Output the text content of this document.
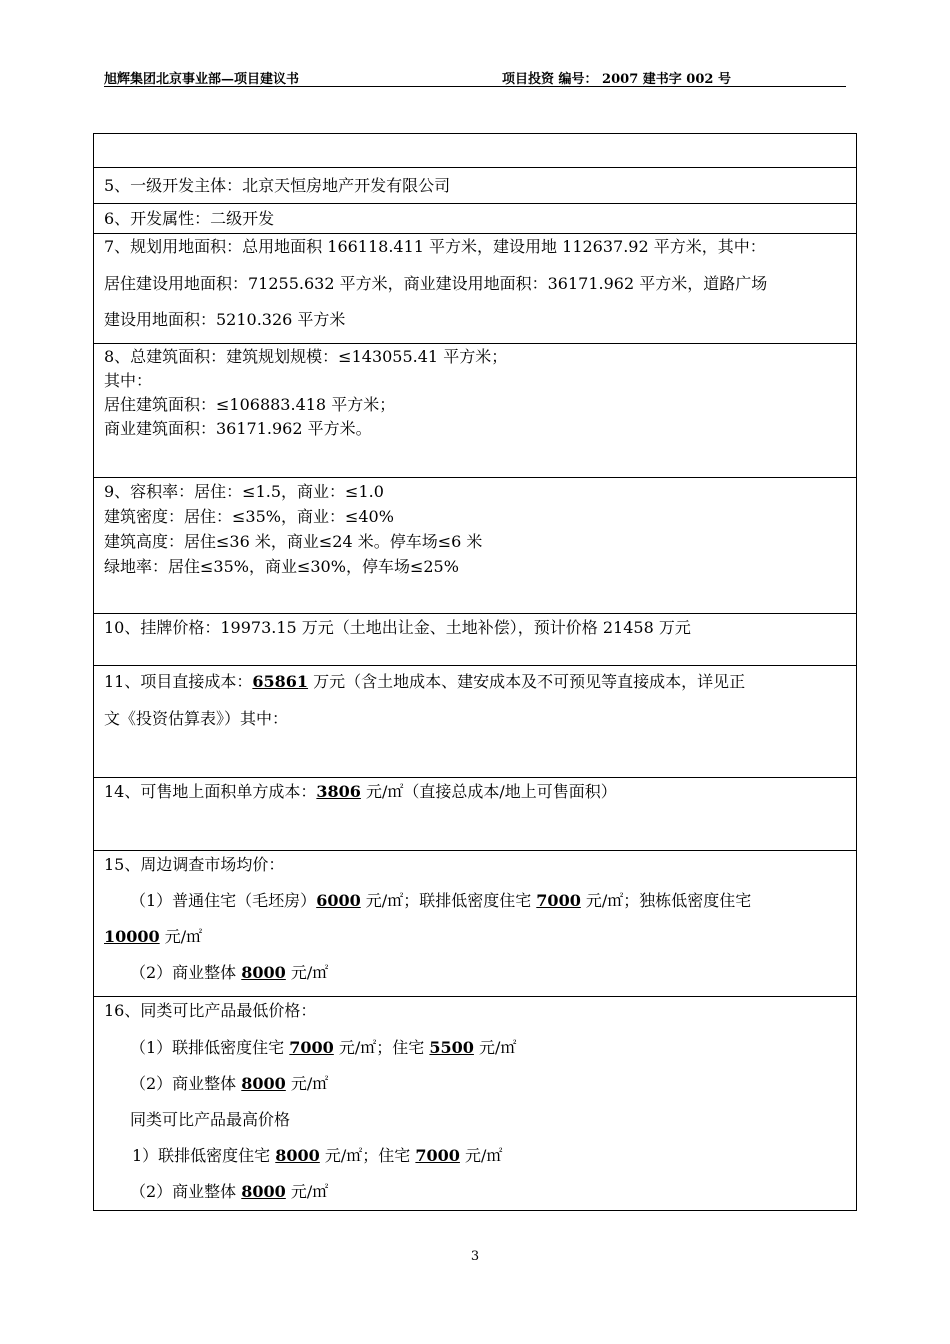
旭辉集团北京事业部—项目建议书	项目投资 编号： 2007 建书字 002 号
5、一级开发主体：北京天恒房地产开发有限公司
6、开发属性：二级开发
7、规划用地面积：总用地面积 166118.411 平方米，建设用地 112637.92 平方米，其中：
居住建设用地面积：71255.632 平方米，商业建设用地面积：36171.962 平方米，道路广场
建设用地面积：5210.326 平方米
8、总建筑面积：建筑规划规模：≤143055.41 平方米；
其中：
居住建筑面积：≤106883.418 平方米；
商业建筑面积：36171.962 平方米。
9、容积率：居住：≤1.5，商业：≤1.0
建筑密度：居住：≤35%，商业：≤40%
建筑高度：居住≤36 米，商业≤24 米。停车场≤6 米
绿地率：居住≤35%，商业≤30%，停车场≤25%
10、挂牌价格：19973.15 万元（土地出让金、土地补偿），预计价格 21458 万元
11、项目直接成本：65861 万元（含土地成本、建安成本及不可预见等直接成本，详见正
文《投资估算表》）其中：
14、可售地上面积单方成本：3806 元/㎡（直接总成本/地上可售面积）
15、周边调查市场均价：
（1）普通住宅（毛坯房）6000 元/㎡；联排低密度住宅 7000 元/㎡；独栋低密度住宅
10000 元/㎡
（2）商业整体 8000 元/㎡
16、同类可比产品最低价格：
（1）联排低密度住宅 7000 元/㎡；住宅 5500 元/㎡
（2）商业整体 8000 元/㎡
同类可比产品最高价格
1）联排低密度住宅 8000 元/㎡；住宅 7000 元/㎡
（2）商业整体 8000 元/㎡
3
